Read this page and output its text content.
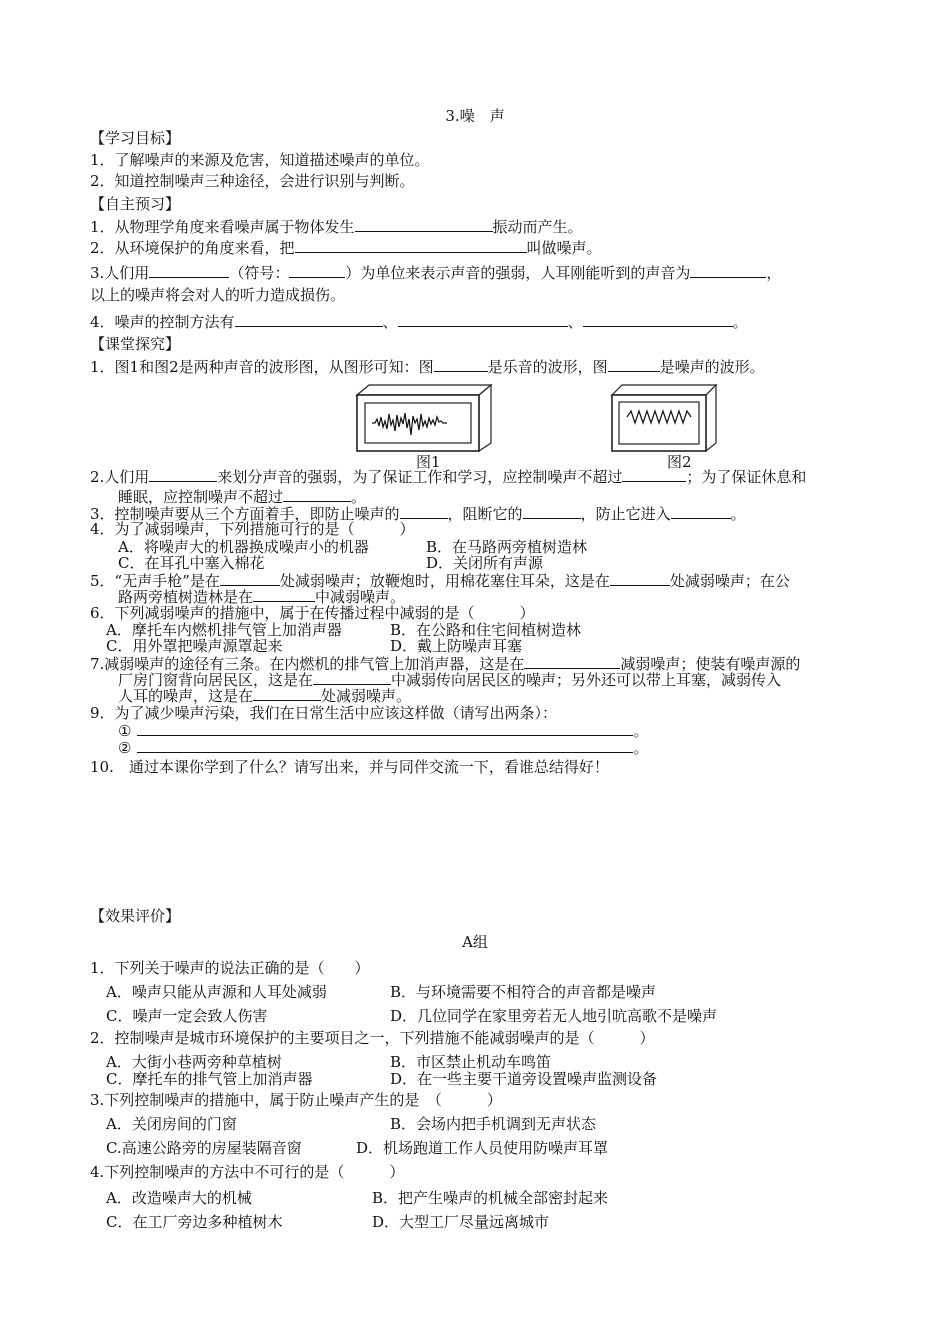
3.噪　声
【学习目标】
1．了解噪声的来源及危害，知道描述噪声的单位。
2．知道控制噪声三种途径，会进行识别与判断。
【自主预习】
1．从物理学角度来看噪声属于物体发生	振动而产生。
2．从环境保护的角度来看，把	叫做噪声。
3.人们用	（符号：	）为单位来表示声音的强弱，人耳刚能听到的声音为	，
以上的噪声将会对人的听力造成损伤。
4．噪声的控制方法有	、	、	。
【课堂探究】
1．图1和图2是两种声音的波形图，从图形可知：图	是乐音的波形，图	是噪声的波形。
图1	图2
2.人们用	来划分声音的强弱，为了保证工作和学习，应控制噪声不超过	；为了保证休息和
睡眠，应控制噪声不超过	。
3．控制噪声要从三个方面着手，即防止噪声的	，阻断它的	，防止它进入	。
4．为了减弱噪声，下列措施可行的是（　　　）
A．将噪声大的机器换成噪声小的机器	B．在马路两旁植树造林
C．在耳孔中塞入棉花	D．关闭所有声源
5．“无声手枪”是在	处减弱噪声；放鞭炮时，用棉花塞住耳朵，这是在	处减弱噪声；在公
路两旁植树造林是在	中减弱噪声。
6．下列减弱噪声的措施中，属于在传播过程中减弱的是（　　　）
A．摩托车内燃机排气管上加消声器	B．在公路和住宅间植树造林
C．用外罩把噪声源罩起来	D．戴上防噪声耳塞
7.减弱噪声的途径有三条。在内燃机的排气管上加消声器，这是在	减弱噪声；使装有噪声源的
厂房门窗背向居民区，这是在	中减弱传向居民区的噪声；另外还可以带上耳塞，减弱传入
人耳的噪声，这是在	处减弱噪声。
9．为了减少噪声污染，我们在日常生活中应该这样做（请写出两条）：
①	。
②	。
10.　通过本课你学到了什么？请写出来，并与同伴交流一下，看谁总结得好！
【效果评价】
A组
1．下列关于噪声的说法正确的是（　　）
A．噪声只能从声源和人耳处减弱	B．与环境需要不相符合的声音都是噪声
C．噪声一定会致人伤害	D．几位同学在家里旁若无人地引吭高歌不是噪声
2．控制噪声是城市环境保护的主要项目之一，下列措施不能减弱噪声的是（　　　）
A．大街小巷两旁种草植树	B．市区禁止机动车鸣笛
C．摩托车的排气管上加消声器	D．在一些主要干道旁设置噪声监测设备
3.下列控制噪声的措施中，属于防止噪声产生的是　（　　　）
A．关闭房间的门窗	B．会场内把手机调到无声状态
C.高速公路旁的房屋装隔音窗	D．机场跑道工作人员使用防噪声耳罩
4.下列控制噪声的方法中不可行的是（　　　）
A．改造噪声大的机械	B．把产生噪声的机械全部密封起来
C．在工厂旁边多种植树木	D．大型工厂尽量远离城市
